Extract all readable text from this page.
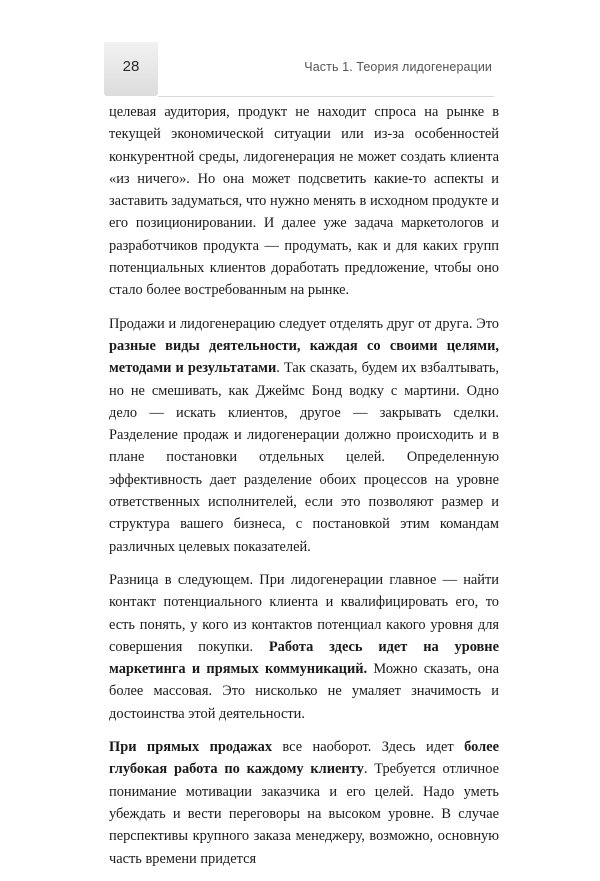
28	Часть 1. Теория лидогенерации

целевая аудитория, продукт не находит спроса на рынке в текущей экономической ситуации или из-за особенностей конкурентной среды, лидогенерация не может создать клиента «из ничего». Но она может подсветить какие-то аспекты и заставить задуматься, что нужно менять в исходном продукте и его позиционировании. И далее уже задача маркетологов и разработчиков продукта — продумать, как и для каких групп потенциальных клиентов доработать предложение, чтобы оно стало более востребованным на рынке.

Продажи и лидогенерацию следует отделять друг от друга. Это разные виды деятельности, каждая со своими целями, методами и результатами. Так сказать, будем их взбалтывать, но не смешивать, как Джеймс Бонд водку с мартини. Одно дело — искать клиентов, другое — закрывать сделки. Разделение продаж и лидогенерации должно происходить и в плане постановки отдельных целей. Определенную эффективность дает разделение обоих процессов на уровне ответственных исполнителей, если это позволяют размер и структура вашего бизнеса, с постановкой этим командам различных целевых показателей.

Разница в следующем. При лидогенерации главное — найти контакт потенциального клиента и квалифицировать его, то есть понять, у кого из контактов потенциал какого уровня для совершения покупки. Работа здесь идет на уровне маркетинга и прямых коммуникаций. Можно сказать, она более массовая. Это нисколько не умаляет значимость и достоинства этой деятельности.

При прямых продажах все наоборот. Здесь идет более глубокая работа по каждому клиенту. Требуется отличное понимание мотивации заказчика и его целей. Надо уметь убеждать и вести переговоры на высоком уровне. В случае перспективы крупного заказа менеджеру, возможно, основную часть времени придется
